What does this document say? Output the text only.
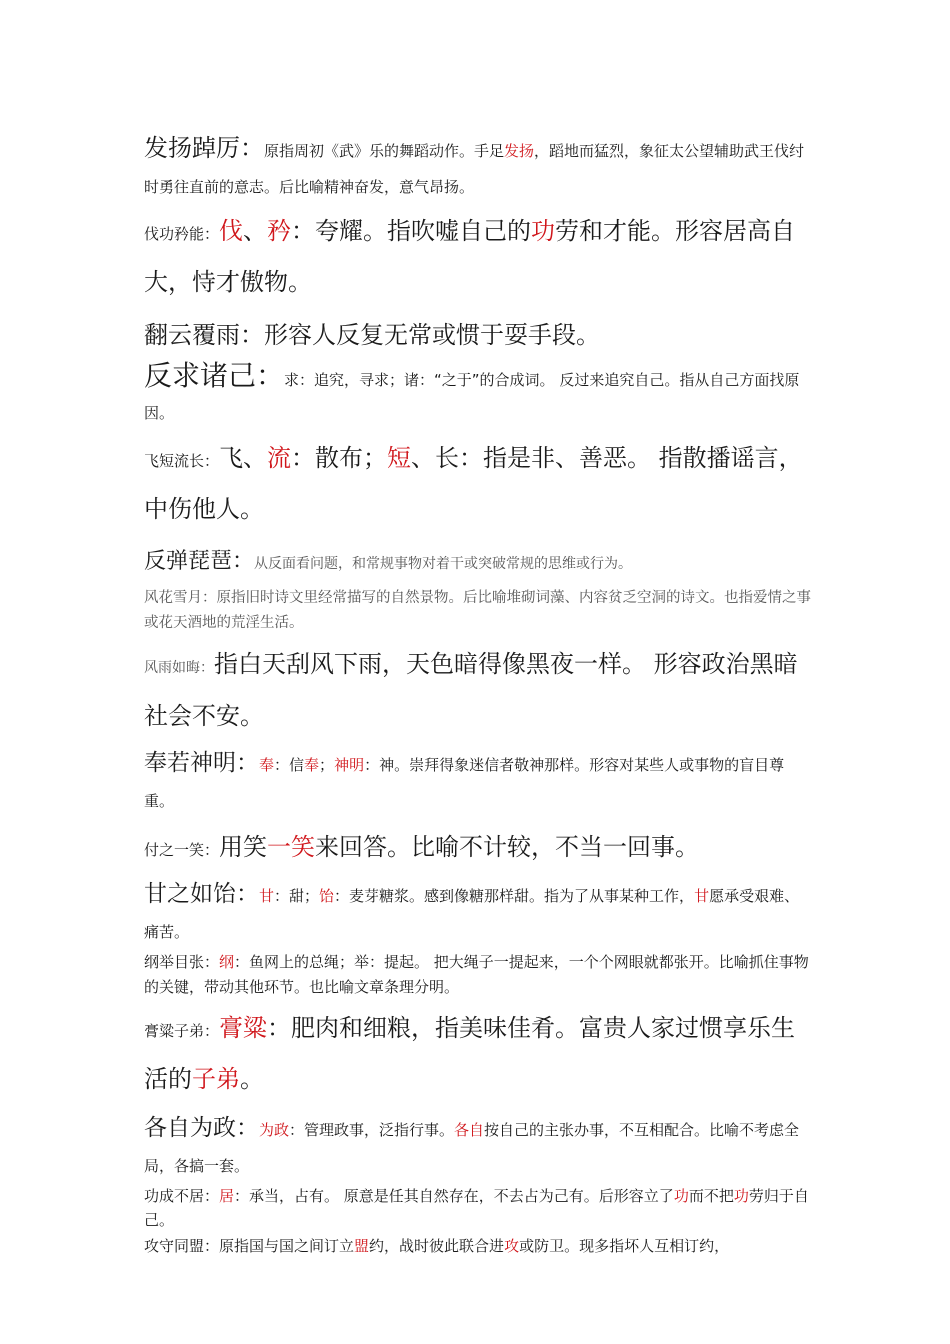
发扬踔厉：原指周初《武》乐的舞蹈动作。手足发扬，蹈地而猛烈，象征太公望辅助武王伐纣时勇往直前的意志。后比喻精神奋发，意气昂扬。

伐功矜能：伐、矜：夸耀。指吹嘘自己的功劳和才能。形容居高自大，恃才傲物。

翻云覆雨：形容人反复无常或惯于耍手段。

反求诸己：求：追究，寻求；诸：“之于”的合成词。 反过来追究自己。指从自己方面找原因。

飞短流长：飞、流：散布；短、长：指是非、善恶。 指散播谣言，中伤他人。

反弹琵琶：从反面看问题，和常规事物对着干或突破常规的思维或行为。

风花雪月：原指旧时诗文里经常描写的自然景物。后比喻堆砌词藻、内容贫乏空洞的诗文。也指爱情之事或花天酒地的荒淫生活。

风雨如晦：指白天刮风下雨，天色暗得像黑夜一样。 形容政治黑暗社会不安。

奉若神明：奉：信奉；神明：神。崇拜得象迷信者敬神那样。形容对某些人或事物的盲目尊重。

付之一笑：用笑一笑来回答。比喻不计较，不当一回事。

甘之如饴：甘：甜；饴：麦芽糖浆。感到像糖那样甜。指为了从事某种工作，甘愿承受艰难、痛苦。

纲举目张：纲：鱼网上的总绳；举：提起。 把大绳子一提起来，一个个网眼就都张开。比喻抓住事物的关键，带动其他环节。也比喻文章条理分明。

膏粱子弟：膏粱：肥肉和细粮，指美味佳肴。富贵人家过惯享乐生活的子弟。

各自为政：为政：管理政事，泛指行事。各自按自己的主张办事，不互相配合。比喻不考虑全局，各搞一套。

功成不居：居：承当，占有。 原意是任其自然存在，不去占为己有。后形容立了功而不把功劳归于自己。

攻守同盟：原指国与国之间订立盟约，战时彼此联合进攻或防卫。现多指坏人互相订约，
